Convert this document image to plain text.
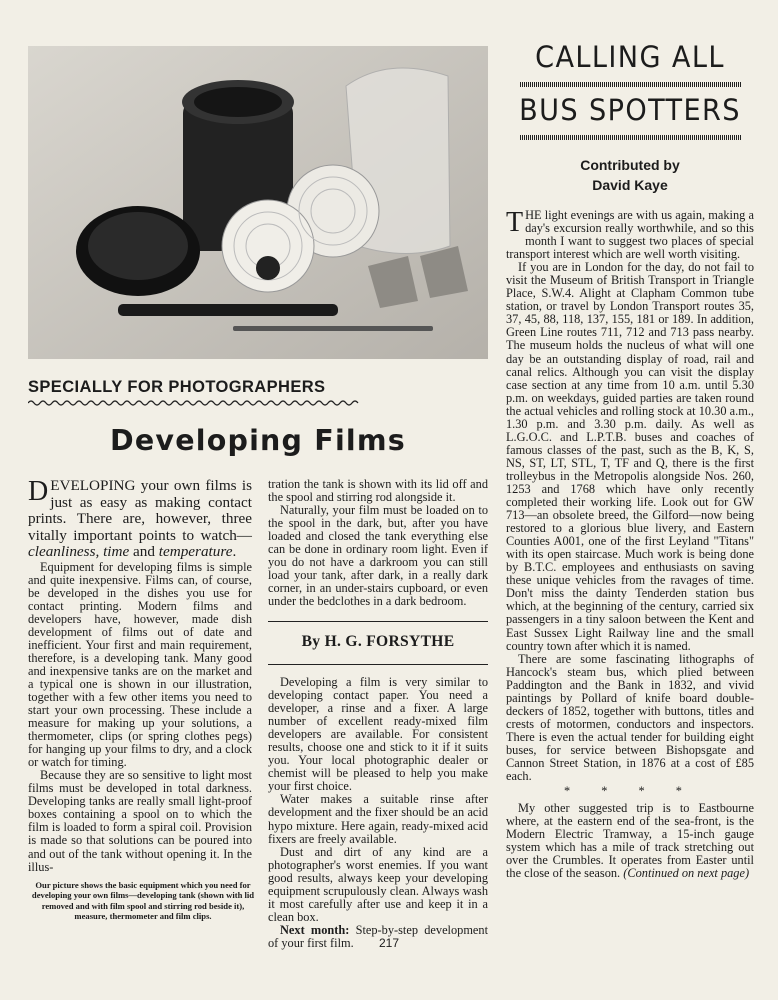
Our picture shows the basic equipment which you need for developing your own films—developing tank (shown with lid removed and with film spool and stirring rod beside it), measure, thermometer and film clips.
SPECIALLY FOR PHOTOGRAPHERS
Developing Films

DEVELOPING your own films is just as easy as making contact prints. There are, however, three vitally important points to watch—cleanliness, time and temperature.

Equipment for developing films is simple and quite inexpensive. Films can, of course, be developed in the dishes you use for contact printing. Modern films and developers have, however, made dish development of films out of date and inefficient. Your first and main requirement, therefore, is a developing tank. Many good and inexpensive tanks are on the market and a typical one is shown in our illustration, together with a few other items you need to start your own processing. These include a measure for making up your solutions, a thermometer, clips (or spring clothes pegs) for hanging up your films to dry, and a clock or watch for timing.

Because they are so sensitive to light most films must be developed in total darkness. Developing tanks are really small light-proof boxes containing a spool on to which the film is loaded to form a spiral coil. Provision is made so that solutions can be poured into and out of the tank without opening it. In the illus-

tration the tank is shown with its lid off and the spool and stirring rod alongside it.

Naturally, your film must be loaded on to the spool in the dark, but, after you have loaded and closed the tank everything else can be done in ordinary room light. Even if you do not have a darkroom you can still load your tank, after dark, in a really dark corner, in an under-stairs cupboard, or even under the bedclothes in a dark bedroom.

By H. G. FORSYTHE

Developing a film is very similar to developing contact paper. You need a developer, a rinse and a fixer. A large number of excellent ready-mixed film developers are available. For consistent results, choose one and stick to it if it suits you. Your local photographic dealer or chemist will be pleased to help you make your first choice.

Water makes a suitable rinse after development and the fixer should be an acid hypo mixture. Here again, ready-mixed acid fixers are freely available.

Dust and dirt of any kind are a photographer's worst enemies. If you want good results, always keep your developing equipment scrupulously clean. Always wash it most carefully after use and keep it in a clean box.

Next month: Step-by-step development of your first film.

CALLING ALL
BUS SPOTTERS
Contributed by
David Kaye

THE light evenings are with us again, making a day's excursion really worthwhile, and so this month I want to suggest two places of special transport interest which are well worth visiting.

If you are in London for the day, do not fail to visit the Museum of British Transport in Triangle Place, S.W.4. Alight at Clapham Common tube station, or travel by London Transport routes 35, 37, 45, 88, 118, 137, 155, 181 or 189. In addition, Green Line routes 711, 712 and 713 pass nearby. The museum holds the nucleus of what will one day be an outstanding display of road, rail and canal relics. Although you can visit the display case section at any time from 10 a.m. until 5.30 p.m. on weekdays, guided parties are taken round the actual vehicles and rolling stock at 10.30 a.m., 1.30 p.m. and 3.30 p.m. daily. As well as L.G.O.C. and L.P.T.B. buses and coaches of famous classes of the past, such as the B, K, S, NS, ST, LT, STL, T, TF and Q, there is the first trolleybus in the Metropolis alongside Nos. 260, 1253 and 1768 which have only recently completed their working life. Look out for GW 713—an obsolete breed, the Gilford—now being restored to a glorious blue livery, and Eastern Counties A001, one of the first Leyland "Titans" with its open staircase. Much work is being done by B.T.C. employees and enthusiasts on saving these unique vehicles from the ravages of time. Don't miss the dainty Tenderden station bus which, at the beginning of the century, carried six passengers in a tiny saloon between the Kent and East Sussex Light Railway line and the small country town after which it is named.

There are some fascinating lithographs of Hancock's steam bus, which plied between Paddington and the Bank in 1832, and vivid paintings by Pollard of knife board double-deckers of 1852, together with buttons, titles and crests of motormen, conductors and inspectors. There is even the actual tender for building eight buses, for service between Bishopsgate and Cannon Street Station, in 1876 at a cost of £85 each.

* * * *

My other suggested trip is to Eastbourne where, at the eastern end of the sea-front, is the Modern Electric Tramway, a 15-inch gauge system which has a mile of track stretching out over the Crumbles. It operates from Easter until the close of the season. (Continued on next page)

217
